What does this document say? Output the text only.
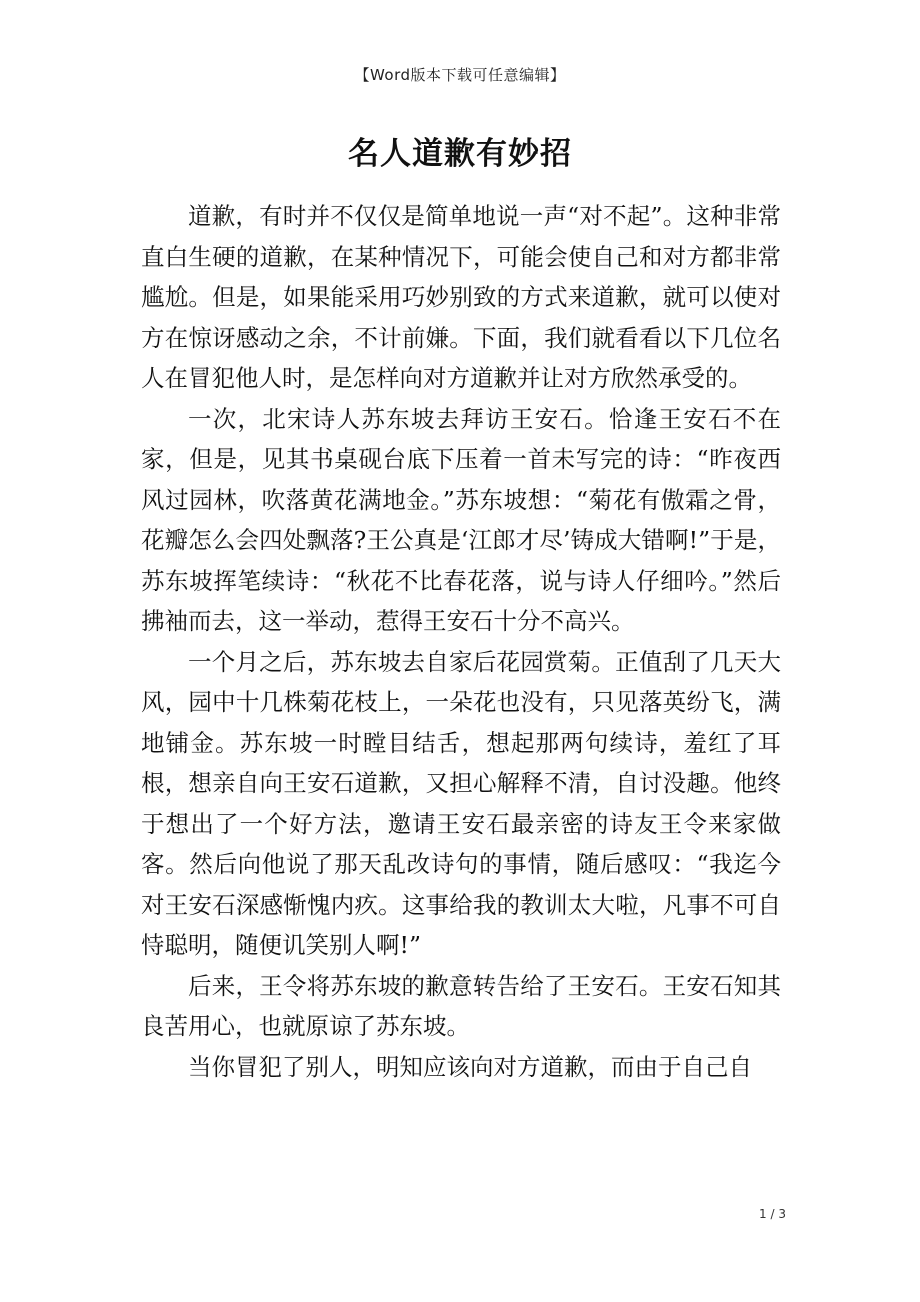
【Word版本下载可任意编辑】
名人道歉有妙招

道歉，有时并不仅仅是简单地说一声“对不起”。这种非常直白生硬的道歉，在某种情况下，可能会使自己和对方都非常尴尬。但是，如果能采用巧妙别致的方式来道歉，就可以使对方在惊讶感动之余，不计前嫌。下面，我们就看看以下几位名人在冒犯他人时，是怎样向对方道歉并让对方欣然承受的。

一次，北宋诗人苏东坡去拜访王安石。恰逢王安石不在家，但是，见其书桌砚台底下压着一首未写完的诗：“昨夜西风过园林，吹落黄花满地金。”苏东坡想：“菊花有傲霜之骨，花瓣怎么会四处飘落?王公真是‘江郎才尽’铸成大错啊!”于是，苏东坡挥笔续诗：“秋花不比春花落，说与诗人仔细吟。”然后拂袖而去，这一举动，惹得王安石十分不高兴。

一个月之后，苏东坡去自家后花园赏菊。正值刮了几天大风，园中十几株菊花枝上，一朵花也没有，只见落英纷飞，满地铺金。苏东坡一时瞠目结舌，想起那两句续诗，羞红了耳根，想亲自向王安石道歉，又担心解释不清，自讨没趣。他终于想出了一个好方法，邀请王安石最亲密的诗友王令来家做客。然后向他说了那天乱改诗句的事情，随后感叹：“我迄今对王安石深感惭愧内疚。这事给我的教训太大啦，凡事不可自恃聪明，随便讥笑别人啊!”

后来，王令将苏东坡的歉意转告给了王安石。王安石知其良苦用心，也就原谅了苏东坡。

当你冒犯了别人，明知应该向对方道歉，而由于自己自

1 / 3
